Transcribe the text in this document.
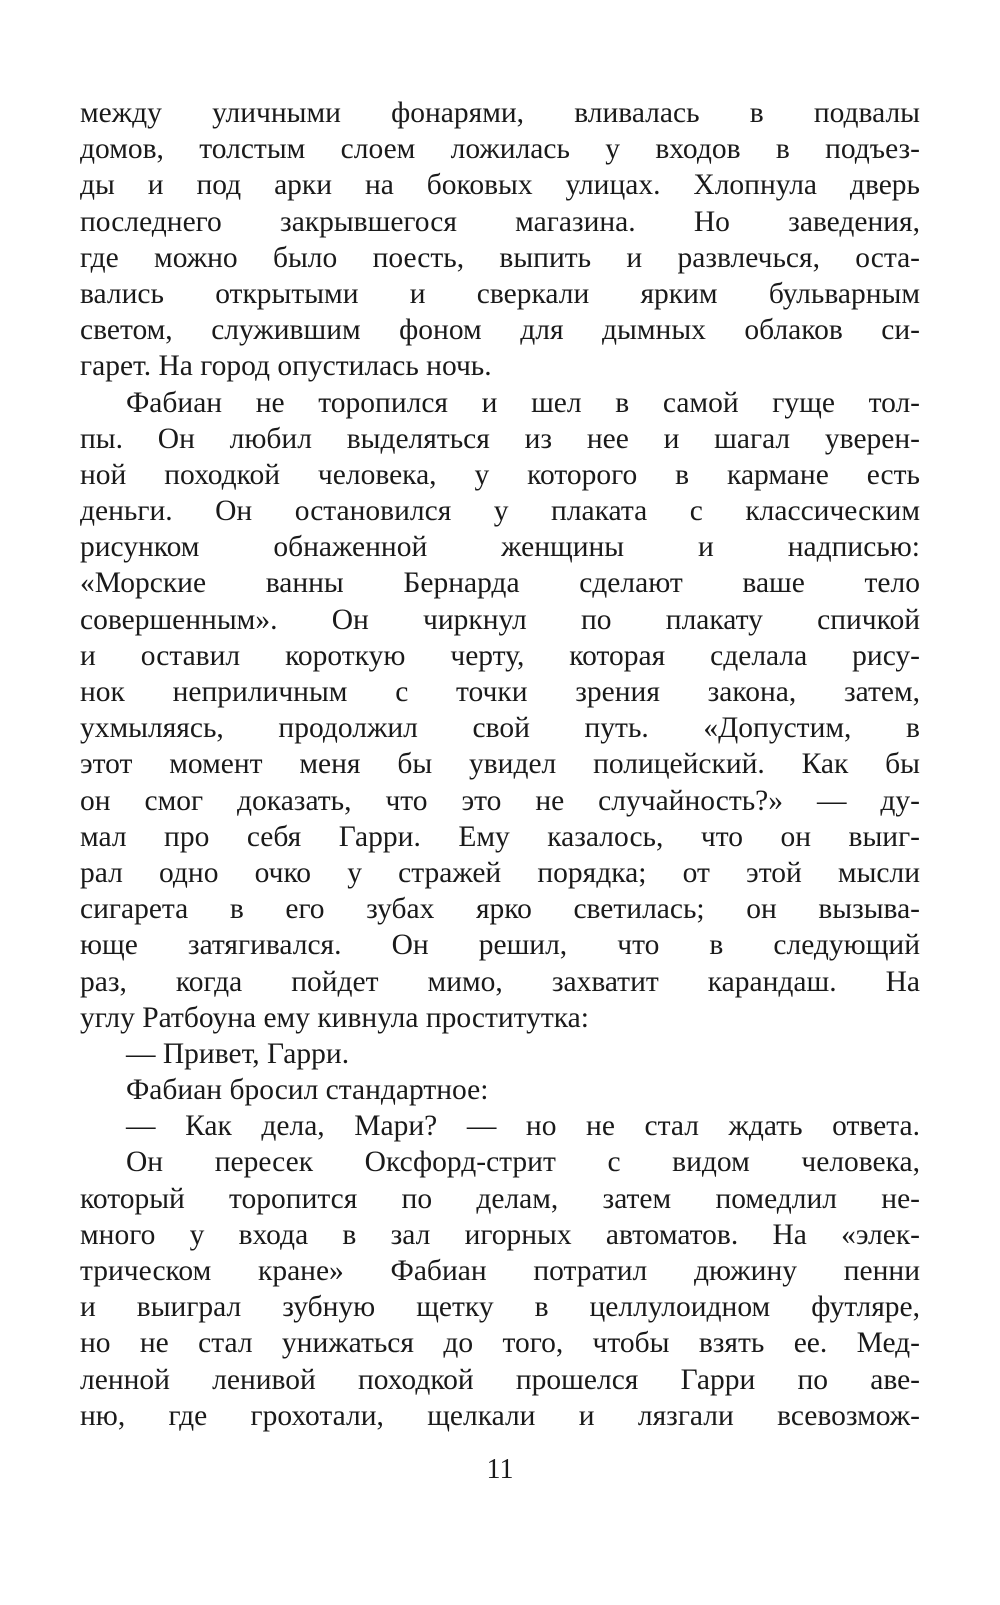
между уличными фонарями, вливалась в подвалы
домов, толстым слоем ложилась у входов в подъез-
ды и под арки на боковых улицах. Хлопнула дверь
последнего закрывшегося магазина. Но заведения,
где можно было поесть, выпить и развлечься, оста-
вались открытыми и сверкали ярким бульварным
светом, служившим фоном для дымных облаков си-
гарет. На город опустилась ночь.
Фабиан не торопился и шел в самой гуще тол-
пы. Он любил выделяться из нее и шагал уверен-
ной походкой человека, у которого в кармане есть
деньги. Он остановился у плаката с классическим
рисунком обнаженной женщины и надписью:
«Морские ванны Бернарда сделают ваше тело
совершенным». Он чиркнул по плакату спичкой
и оставил короткую черту, которая сделала рису-
нок неприличным с точки зрения закона, затем,
ухмыляясь, продолжил свой путь. «Допустим, в
этот момент меня бы увидел полицейский. Как бы
он смог доказать, что это не случайность?» — ду-
мал про себя Гарри. Ему казалось, что он выиг-
рал одно очко у стражей порядка; от этой мысли
сигарета в его зубах ярко светилась; он вызыва-
юще затягивался. Он решил, что в следующий
раз, когда пойдет мимо, захватит карандаш. На
углу Ратбоуна ему кивнула проститутка:
— Привет, Гарри.
Фабиан бросил стандартное:
— Как дела, Мари? — но не стал ждать ответа.
Он пересек Оксфорд-стрит с видом человека,
который торопится по делам, затем помедлил не-
много у входа в зал игорных автоматов. На «элек-
трическом кране» Фабиан потратил дюжину пенни
и выиграл зубную щетку в целлулоидном футляре,
но не стал унижаться до того, чтобы взять ее. Мед-
ленной ленивой походкой прошелся Гарри по аве-
ню, где грохотали, щелкали и лязгали всевозмож-
11
